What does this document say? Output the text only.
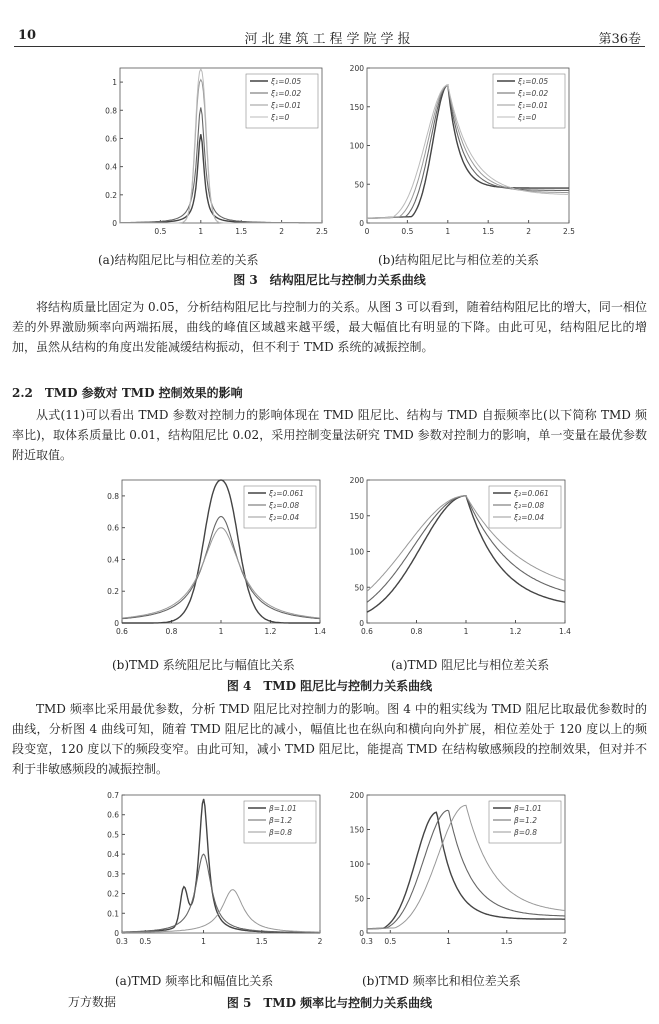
10	河北建筑工程学院学报	第36卷
0.5	1	1.5	2	2.5
0
0.2
0.4
0.6
0.8
1	ξ₁=0.05
ξ₁=0.02
ξ₁=0.01
ξ₁=0
0	0.5	1	1.5	2	2.5
0
50
100
150
200
ξ₁=0.05
ξ₁=0.02
ξ₁=0.01
ξ₁=0
(a)结构阻尼比与相位差的关系	(b)结构阻尼比与相位差的关系
图 3　结构阻尼比与控制力关系曲线

将结构质量比固定为 0.05，分析结构阻尼比与控制力的关系。从图 3 可以看到，随着结构阻尼比的增大，同一相位差的外界激励频率向两端拓展，曲线的峰值区域越来越平缓，最大幅值比有明显的下降。由此可见，结构阻尼比的增加，虽然从结构的角度出发能减缓结构振动，但不利于 TMD 系统的减振控制。

2.2　TMD 参数对 TMD 控制效果的影响

从式(11)可以看出 TMD 参数对控制力的影响体现在 TMD 阻尼比、结构与 TMD 自振频率比(以下简称 TMD 频率比)，取体系质量比 0.01，结构阻尼比 0.02，采用控制变量法研究 TMD 参数对控制力的影响，单一变量在最优参数附近取值。

0.6	0.8	1	1.2	1.4
0
0.2
0.4
0.6
0.8	ξ₂=0.061
ξ₂=0.08
ξ₂=0.04
0.6	0.8	1	1.2	1.4
0
50
100
150
200
ξ₂=0.061
ξ₂=0.08
ξ₂=0.04
(b)TMD 系统阻尼比与幅值比关系	(a)TMD 阻尼比与相位差关系
图 4　TMD 阻尼比与控制力关系曲线

TMD 频率比采用最优参数，分析 TMD 阻尼比对控制力的影响。图 4 中的粗实线为 TMD 阻尼比取最优参数时的曲线，分析图 4 曲线可知，随着 TMD 阻尼比的减小，幅值比也在纵向和横向向外扩展，相位差处于 120 度以上的频段变宽，120 度以下的频段变窄。由此可知，减小 TMD 阻尼比，能提高 TMD 在结构敏感频段的控制效果，但对并不利于非敏感频段的减振控制。

0.3 0.5	1	1.5	2
0
0.1
0.2
0.3
0.4
0.5
0.6
0.7
β=1.01
β=1.2
β=0.8
0.3 0.5	1	1.5	2
0
50
100
150
200
β=1.01
β=1.2
β=0.8
(a)TMD 频率比和幅值比关系	(b)TMD 频率比和相位差关系
万方数据	图 5　TMD 频率比与控制力关系曲线
